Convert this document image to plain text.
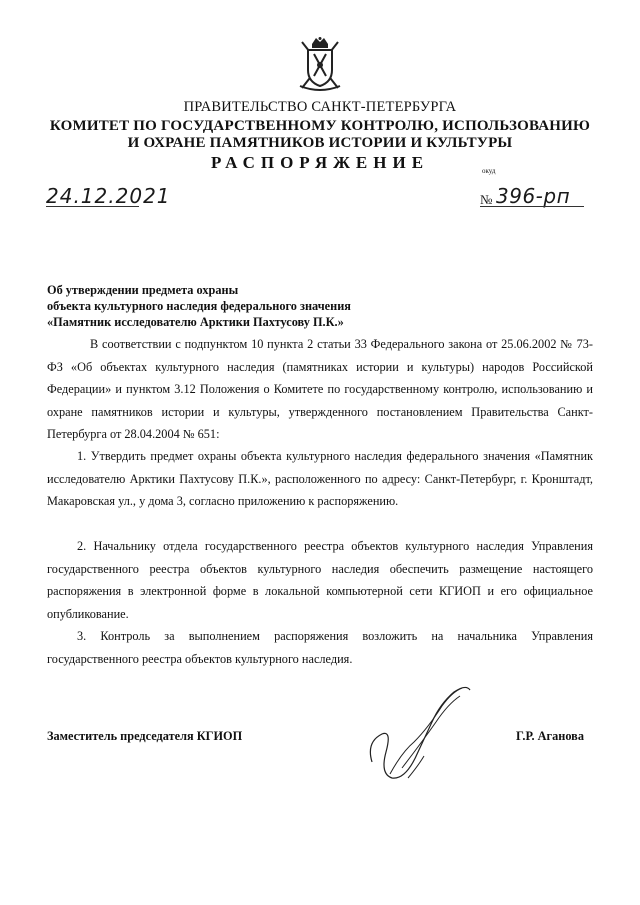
ПРАВИТЕЛЬСТВО САНКТ-ПЕТЕРБУРГА
КОМИТЕТ ПО ГОСУДАРСТВЕННОМУ КОНТРОЛЮ, ИСПОЛЬЗОВАНИЮ
И ОХРАНЕ ПАМЯТНИКОВ ИСТОРИИ И КУЛЬТУРЫ
РАСПОРЯЖЕНИЕ	окуд
24.12.2021	№ 396-рп
Об утверждении предмета охраны
объекта культурного наследия федерального значения
«Памятник исследователю Арктики Пахтусову П.К.»
В соответствии с подпунктом 10 пункта 2 статьи 33 Федерального закона от 25.06.2002 № 73-ФЗ «Об объектах культурного наследия (памятниках истории и культуры) народов Российской Федерации» и пунктом 3.12 Положения о Комитете по государственному контролю, использованию и охране памятников истории и культуры, утвержденного постановлением Правительства Санкт-Петербурга от 28.04.2004 № 651:
1. Утвердить предмет охраны объекта культурного наследия федерального значения «Памятник исследователю Арктики Пахтусову П.К.», расположенного по адресу: Санкт-Петербург, г. Кронштадт, Макаровская ул., у дома 3, согласно приложению к распоряжению.
2. Начальнику отдела государственного реестра объектов культурного наследия Управления государственного реестра объектов культурного наследия обеспечить размещение настоящего распоряжения в электронной форме в локальной компьютерной сети КГИОП и его официальное опубликование.
3. Контроль за выполнением распоряжения возложить на начальника Управления государственного реестра объектов культурного наследия.
Заместитель председателя КГИОП	Г.Р. Аганова
